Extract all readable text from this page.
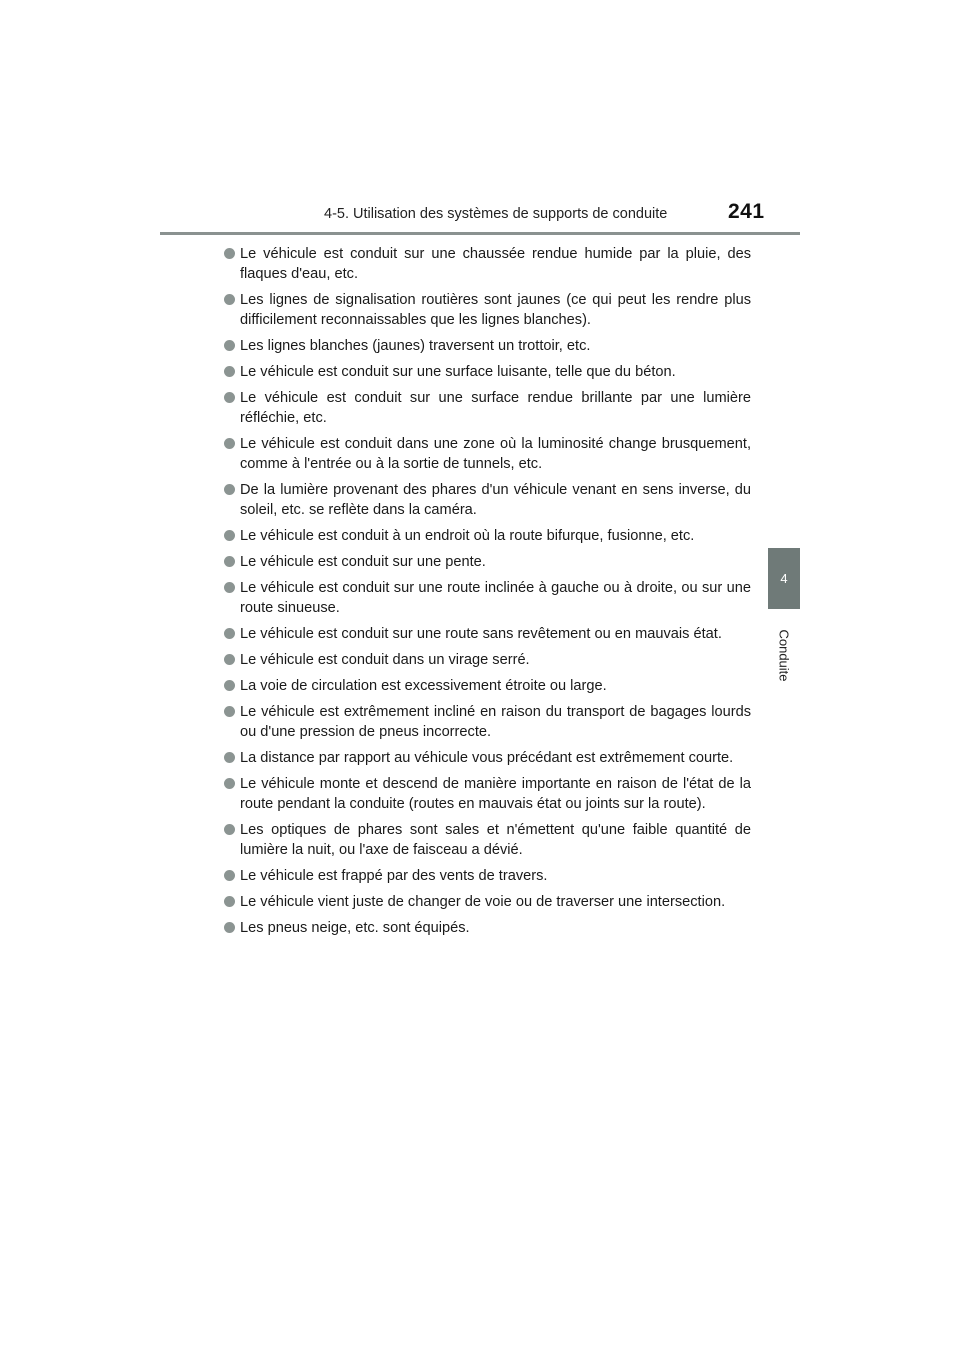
4-5. Utilisation des systèmes de supports de conduite	241
4
Conduite
Le véhicule est conduit sur une chaussée rendue humide par la pluie, des flaques d'eau, etc.
Les lignes de signalisation routières sont jaunes (ce qui peut les rendre plus difficilement reconnaissables que les lignes blanches).
Les lignes blanches (jaunes) traversent un trottoir, etc.
Le véhicule est conduit sur une surface luisante, telle que du béton.
Le véhicule est conduit sur une surface rendue brillante par une lumière réfléchie, etc.
Le véhicule est conduit dans une zone où la luminosité change brusquement, comme à l'entrée ou à la sortie de tunnels, etc.
De la lumière provenant des phares d'un véhicule venant en sens inverse, du soleil, etc. se reflète dans la caméra.
Le véhicule est conduit à un endroit où la route bifurque, fusionne, etc.
Le véhicule est conduit sur une pente.
Le véhicule est conduit sur une route inclinée à gauche ou à droite, ou sur une route sinueuse.
Le véhicule est conduit sur une route sans revêtement ou en mauvais état.
Le véhicule est conduit dans un virage serré.
La voie de circulation est excessivement étroite ou large.
Le véhicule est extrêmement incliné en raison du transport de bagages lourds ou d'une pression de pneus incorrecte.
La distance par rapport au véhicule vous précédant est extrêmement courte.
Le véhicule monte et descend de manière importante en raison de l'état de la route pendant la conduite (routes en mauvais état ou joints sur la route).
Les optiques de phares sont sales et n'émettent qu'une faible quantité de lumière la nuit, ou l'axe de faisceau a dévié.
Le véhicule est frappé par des vents de travers.
Le véhicule vient juste de changer de voie ou de traverser une intersection.
Les pneus neige, etc. sont équipés.
